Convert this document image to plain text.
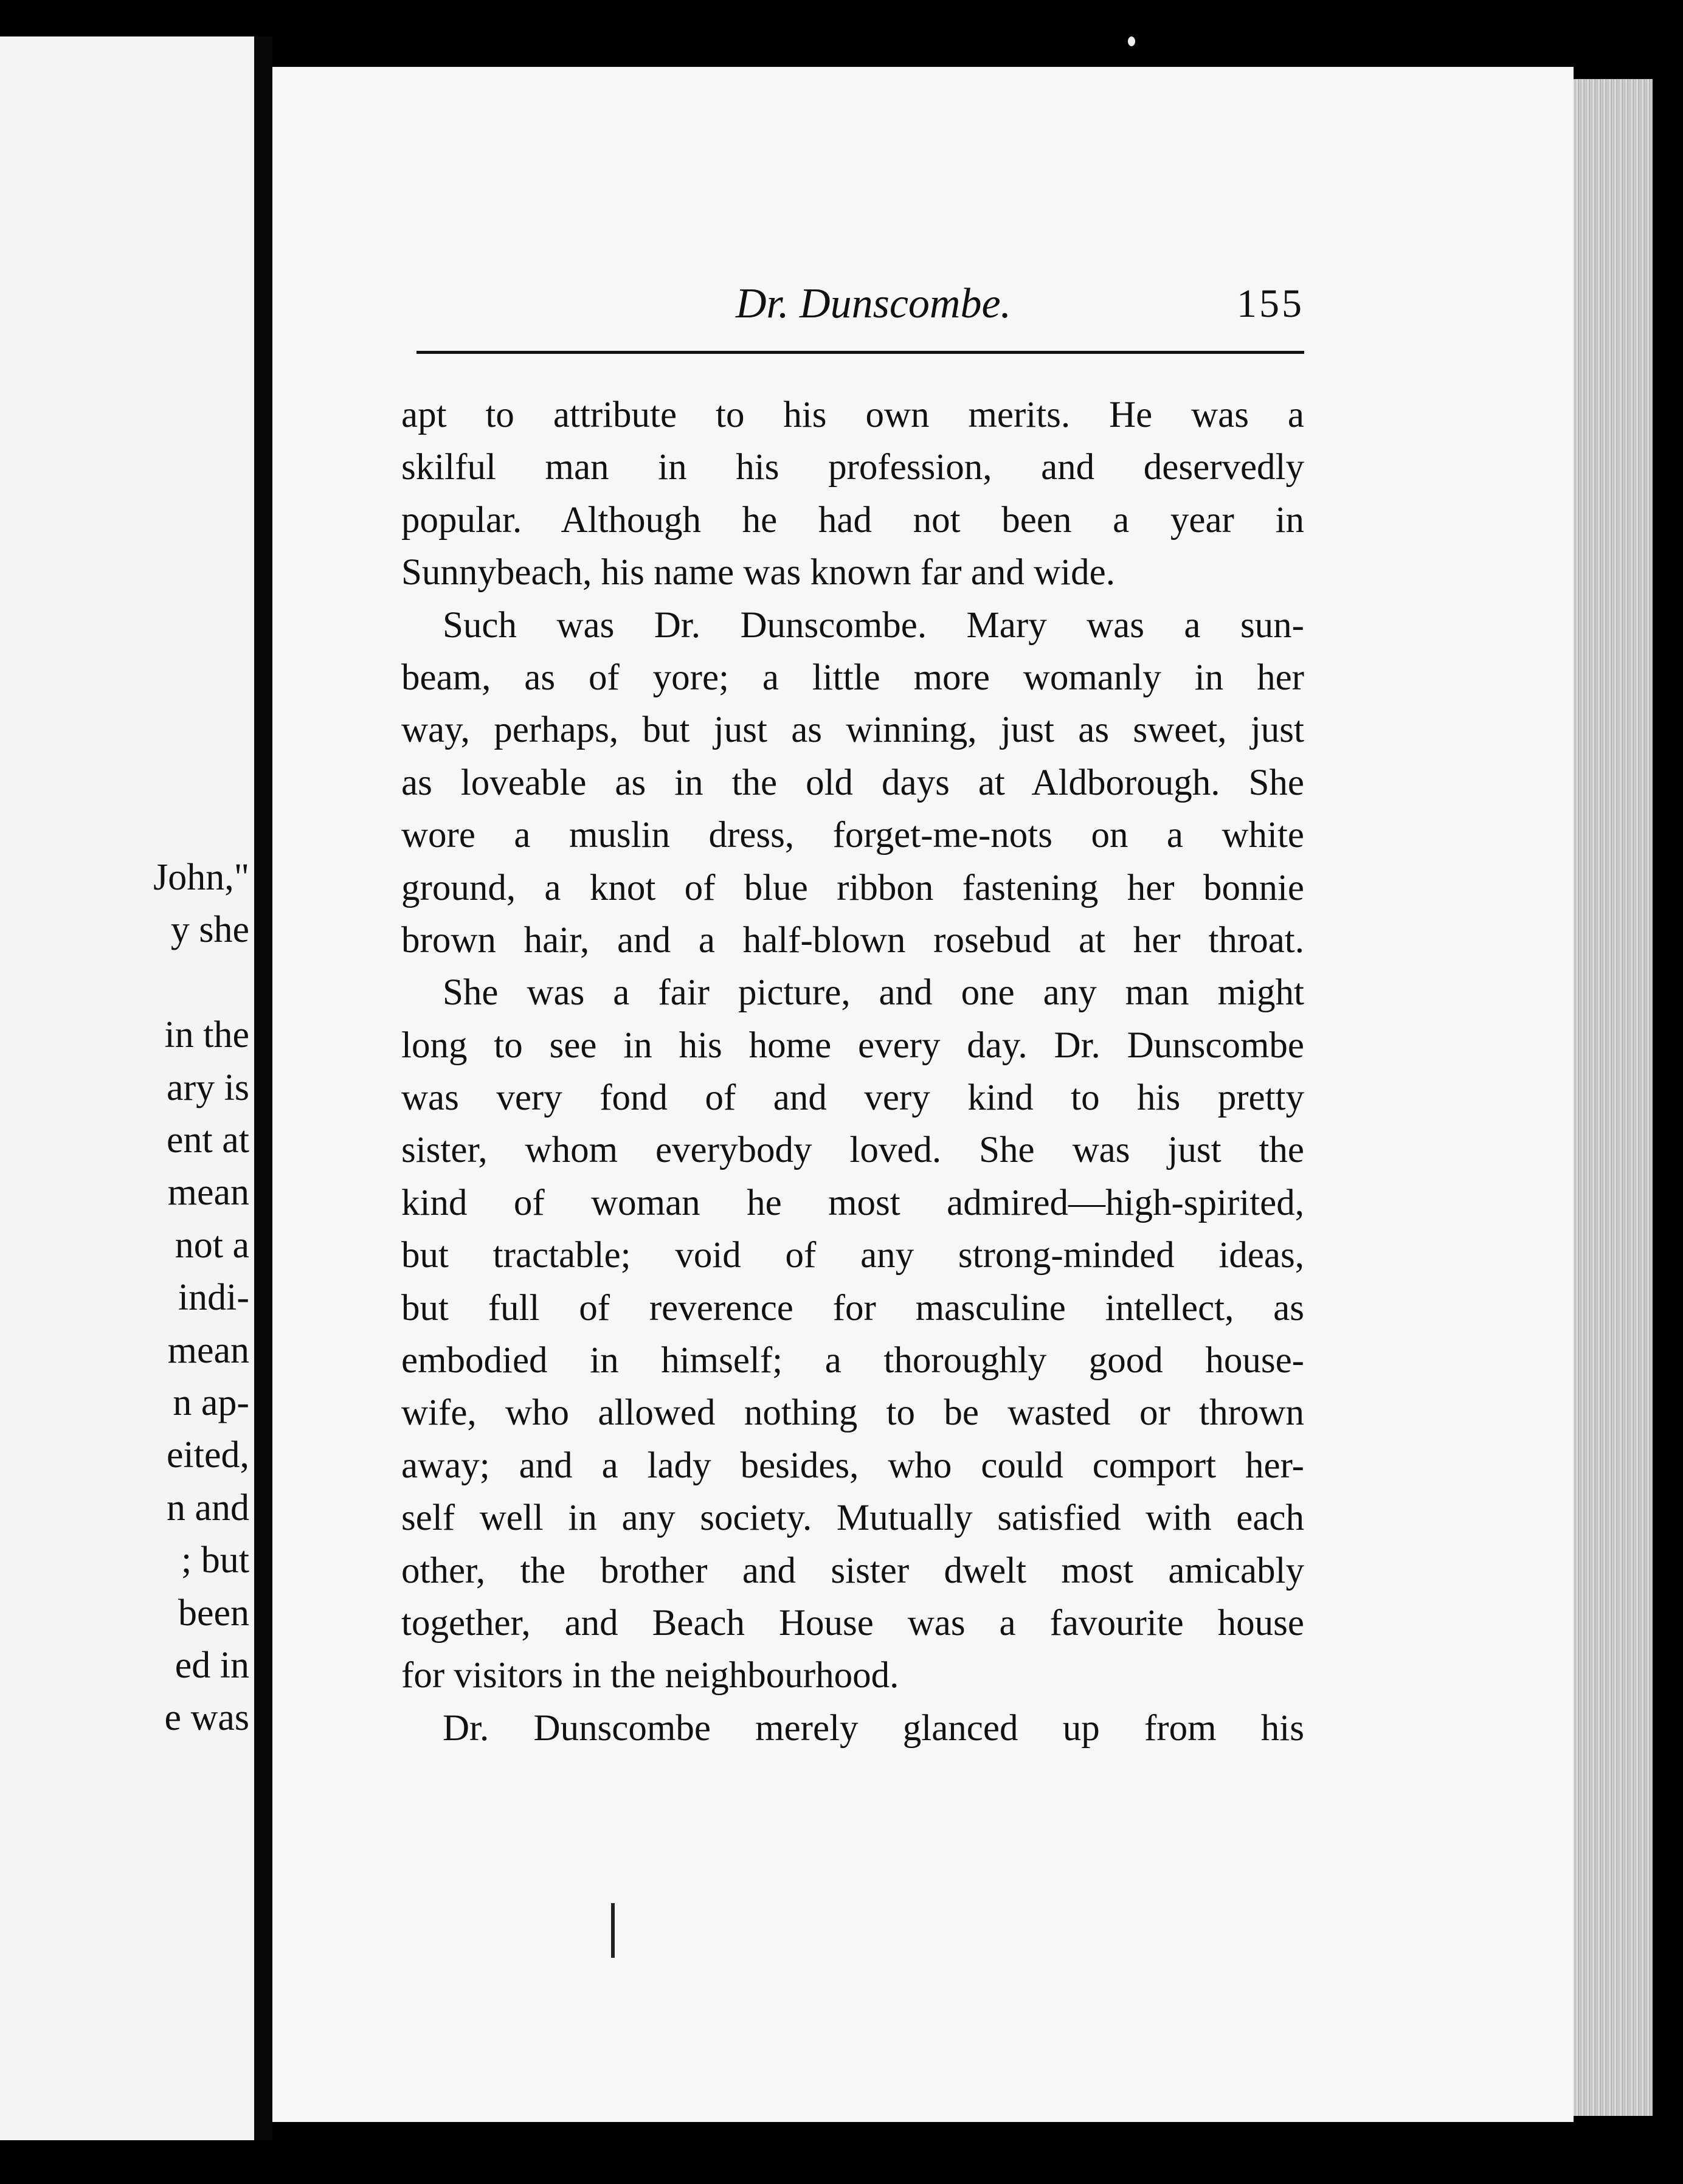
John,"
y she
in the
ary is
ent at
mean
not a
indi-
mean
n ap-
eited,
n and
; but
been
ed in
e was
Dr. Dunscombe.	155
apt to attribute to his own merits. He was a
skilful man in his profession, and deservedly
popular. Although he had not been a year in
Sunnybeach, his name was known far and wide.
Such was Dr. Dunscombe. Mary was a sun-
beam, as of yore; a little more womanly in her
way, perhaps, but just as winning, just as sweet, just
as loveable as in the old days at Aldborough. She
wore a muslin dress, forget-me-nots on a white
ground, a knot of blue ribbon fastening her bonnie
brown hair, and a half-blown rosebud at her throat.
She was a fair picture, and one any man might
long to see in his home every day. Dr. Dunscombe
was very fond of and very kind to his pretty
sister, whom everybody loved. She was just the
kind of woman he most admired—high-spirited,
but tractable; void of any strong-minded ideas,
but full of reverence for masculine intellect, as
embodied in himself; a thoroughly good house-
wife, who allowed nothing to be wasted or thrown
away; and a lady besides, who could comport her-
self well in any society. Mutually satisfied with each
other, the brother and sister dwelt most amicably
together, and Beach House was a favourite house
for visitors in the neighbourhood.
Dr. Dunscombe merely glanced up from his
